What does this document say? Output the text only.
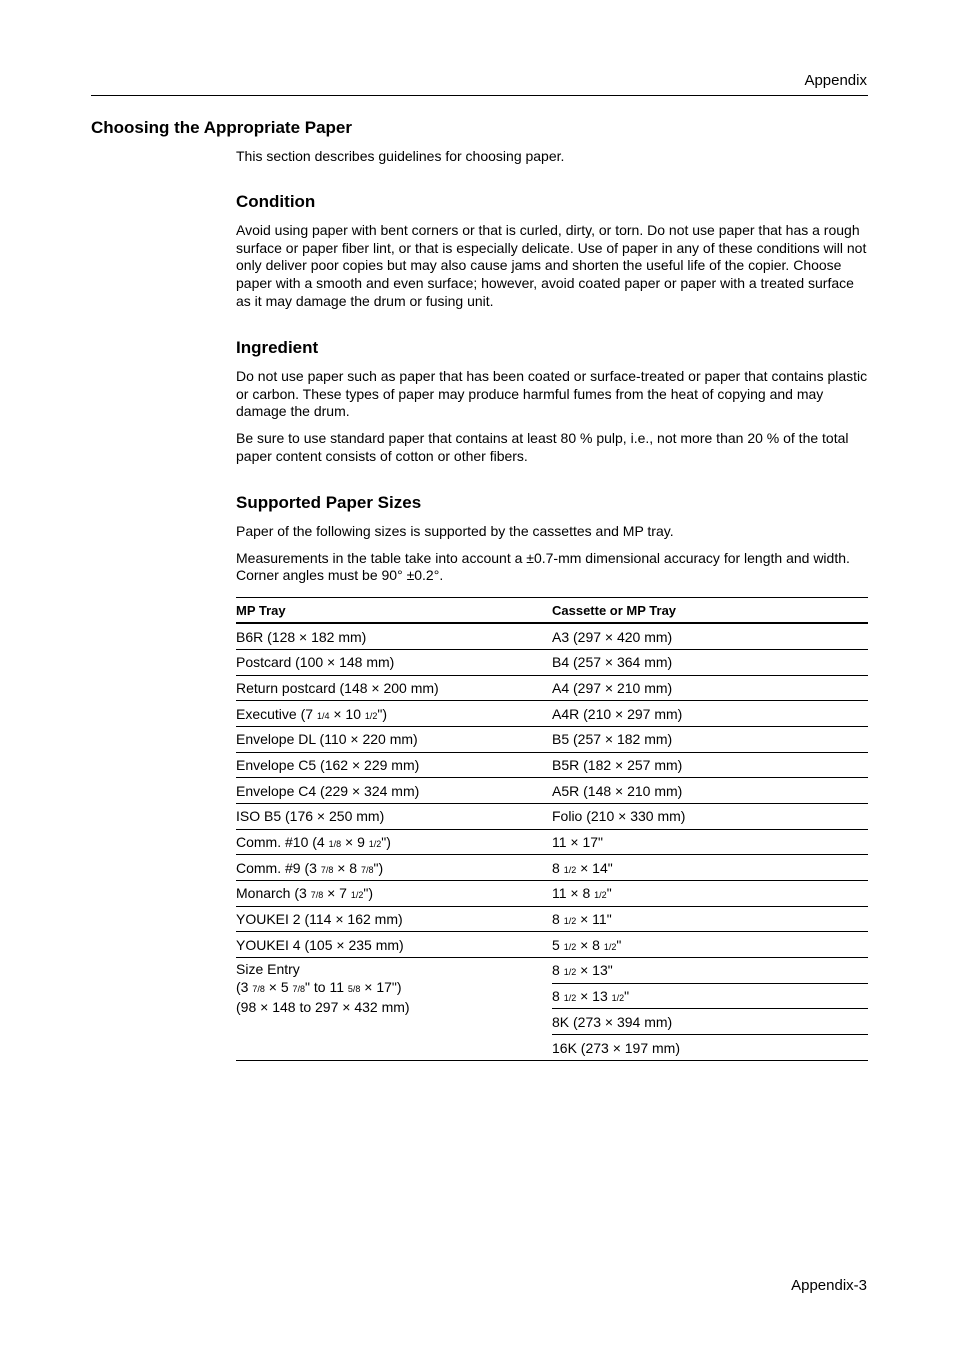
Appendix
Choosing the Appropriate Paper

This section describes guidelines for choosing paper.

Condition

Avoid using paper with bent corners or that is curled, dirty, or torn. Do not use paper that has a rough surface or paper fiber lint, or that is especially delicate. Use of paper in any of these conditions will not only deliver poor copies but may also cause jams and shorten the useful life of the copier. Choose paper with a smooth and even surface; however, avoid coated paper or paper with a treated surface as it may damage the drum or fusing unit.

Ingredient

Do not use paper such as paper that has been coated or surface-treated or paper that contains plastic or carbon. These types of paper may produce harmful fumes from the heat of copying and may damage the drum.

Be sure to use standard paper that contains at least 80 % pulp, i.e., not more than 20 % of the total paper content consists of cotton or other fibers.

Supported Paper Sizes

Paper of the following sizes is supported by the cassettes and MP tray.

Measurements in the table take into account a ±0.7-mm dimensional accuracy for length and width. Corner angles must be 90° ±0.2°.

MP Tray	Cassette or MP Tray
B6R (128 × 182 mm)	A3 (297 × 420 mm)
Postcard (100 × 148 mm)	B4 (257 × 364 mm)
Return postcard (148 × 200 mm)	A4 (297 × 210 mm)
Executive (7 1/4 × 10 1/2")	A4R (210 × 297 mm)
Envelope DL (110 × 220 mm)	B5 (257 × 182 mm)
Envelope C5 (162 × 229 mm)	B5R (182 × 257 mm)
Envelope C4 (229 × 324 mm)	A5R (148 × 210 mm)
ISO B5 (176 × 250 mm)	Folio (210 × 330 mm)
Comm. #10 (4 1/8 × 9 1/2")	11 × 17"
Comm. #9 (3 7/8 × 8 7/8")	8 1/2 × 14"
Monarch (3 7/8 × 7 1/2")	11 × 8 1/2"
YOUKEI 2 (114 × 162 mm)	8 1/2 × 11"
YOUKEI 4 (105 × 235 mm)	5 1/2 × 8 1/2"

Size Entry
(3 7/8 × 5 7/8" to 11 5/8 × 17")
(98 × 148 to 297 × 432 mm)	8 1/2 × 13"
	8 1/2 × 13 1/2"
	8K (273 × 394 mm)
	16K (273 × 197 mm)
Appendix-3
